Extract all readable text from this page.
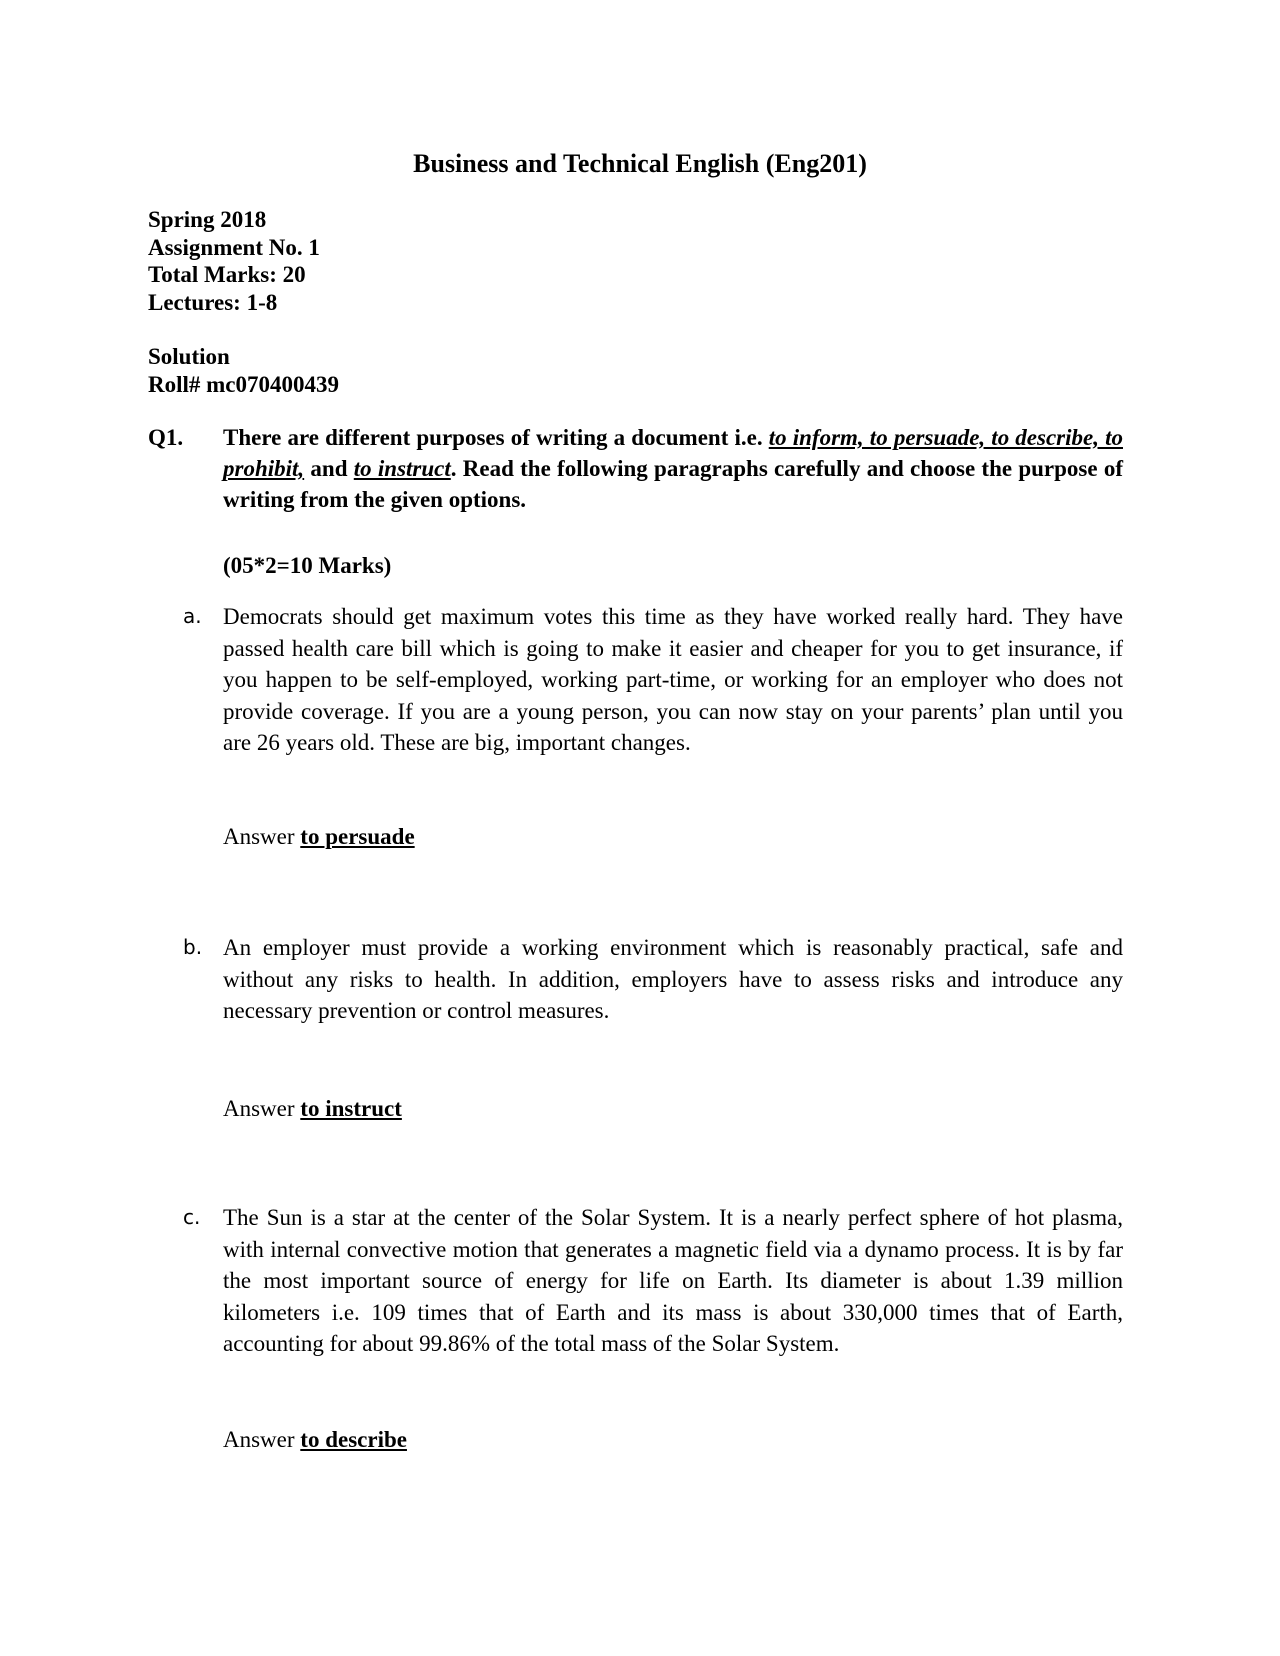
Business and Technical English (Eng201)
Spring 2018
Assignment No. 1
Total Marks: 20
Lectures: 1-8
Solution
Roll# mc070400439
Q1. There are different purposes of writing a document i.e. to inform, to persuade, to describe, to prohibit, and to instruct. Read the following paragraphs carefully and choose the purpose of writing from the given options.
(05*2=10 Marks)
a. Democrats should get maximum votes this time as they have worked really hard. They have passed health care bill which is going to make it easier and cheaper for you to get insurance, if you happen to be self-employed, working part-time, or working for an employer who does not provide coverage. If you are a young person, you can now stay on your parents’ plan until you are 26 years old. These are big, important changes.
Answer to persuade
b. An employer must provide a working environment which is reasonably practical, safe and without any risks to health. In addition, employers have to assess risks and introduce any necessary prevention or control measures.
Answer to instruct
c. The Sun is a star at the center of the Solar System. It is a nearly perfect sphere of hot plasma, with internal convective motion that generates a magnetic field via a dynamo process. It is by far the most important source of energy for life on Earth. Its diameter is about 1.39 million kilometers i.e. 109 times that of Earth and its mass is about 330,000 times that of Earth, accounting for about 99.86% of the total mass of the Solar System.
Answer to describe
